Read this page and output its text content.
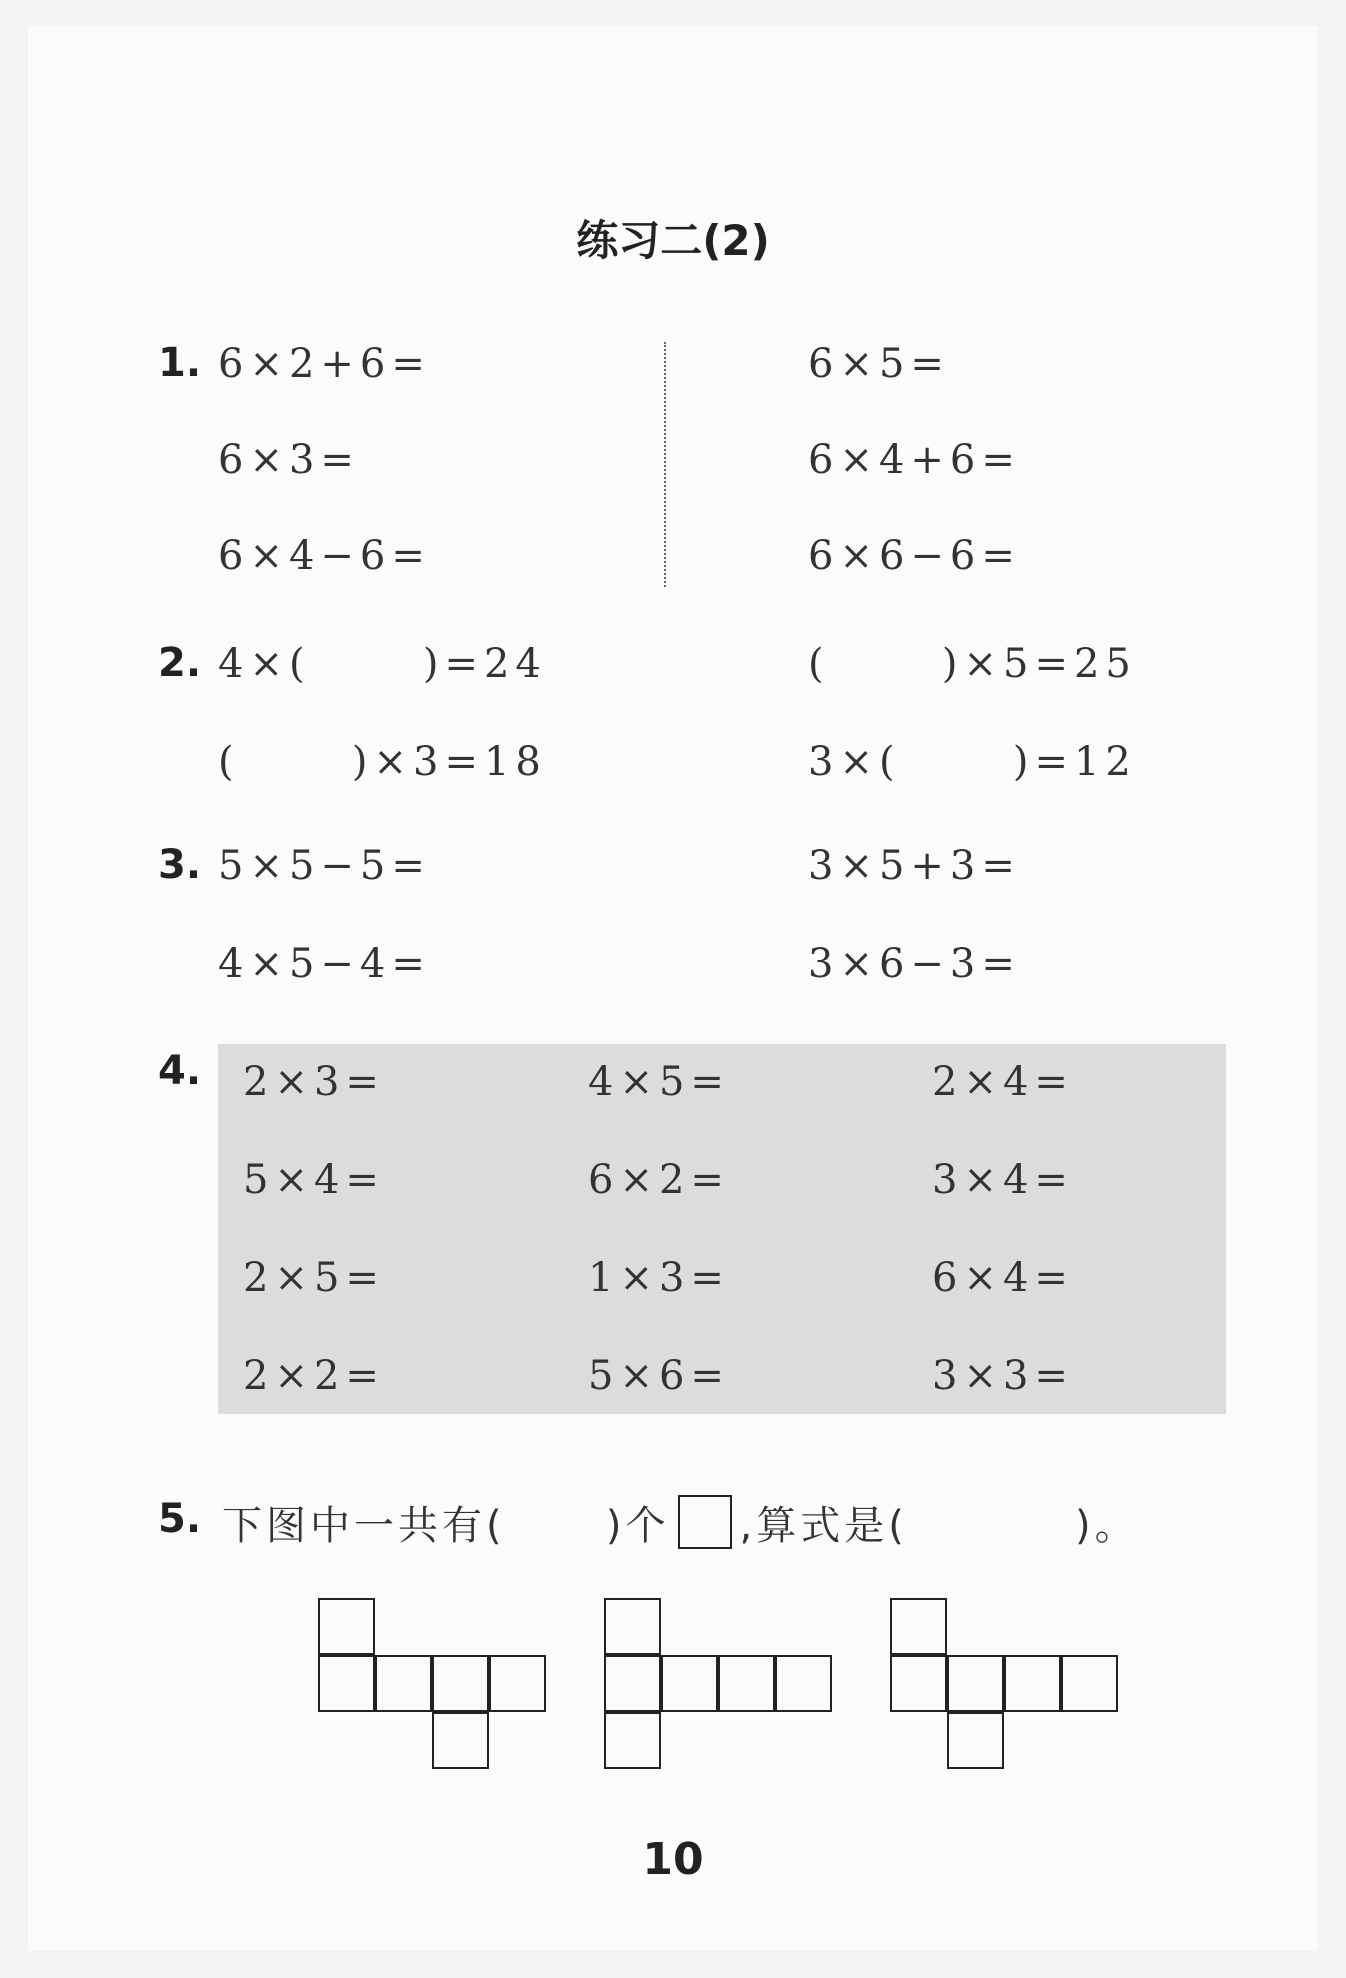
练习二(2)
1. 6×2+6=
6×3=
6×4−6=
6×5=
6×4+6=
6×6−6=
2. 4×(      )=24
(      )×3=18
(      )×5=25
3×(      )=12
3. 5×5−5=
4×5−4=
3×5+3=
3×6−3=
4. 2×3=
5×4=
2×5=
2×2=
4×5=
6×2=
1×3=
5×6=
2×4=
3×4=
6×4=
3×3=
5. 下图中一共有(      )个 ,算式是(          )。
10
